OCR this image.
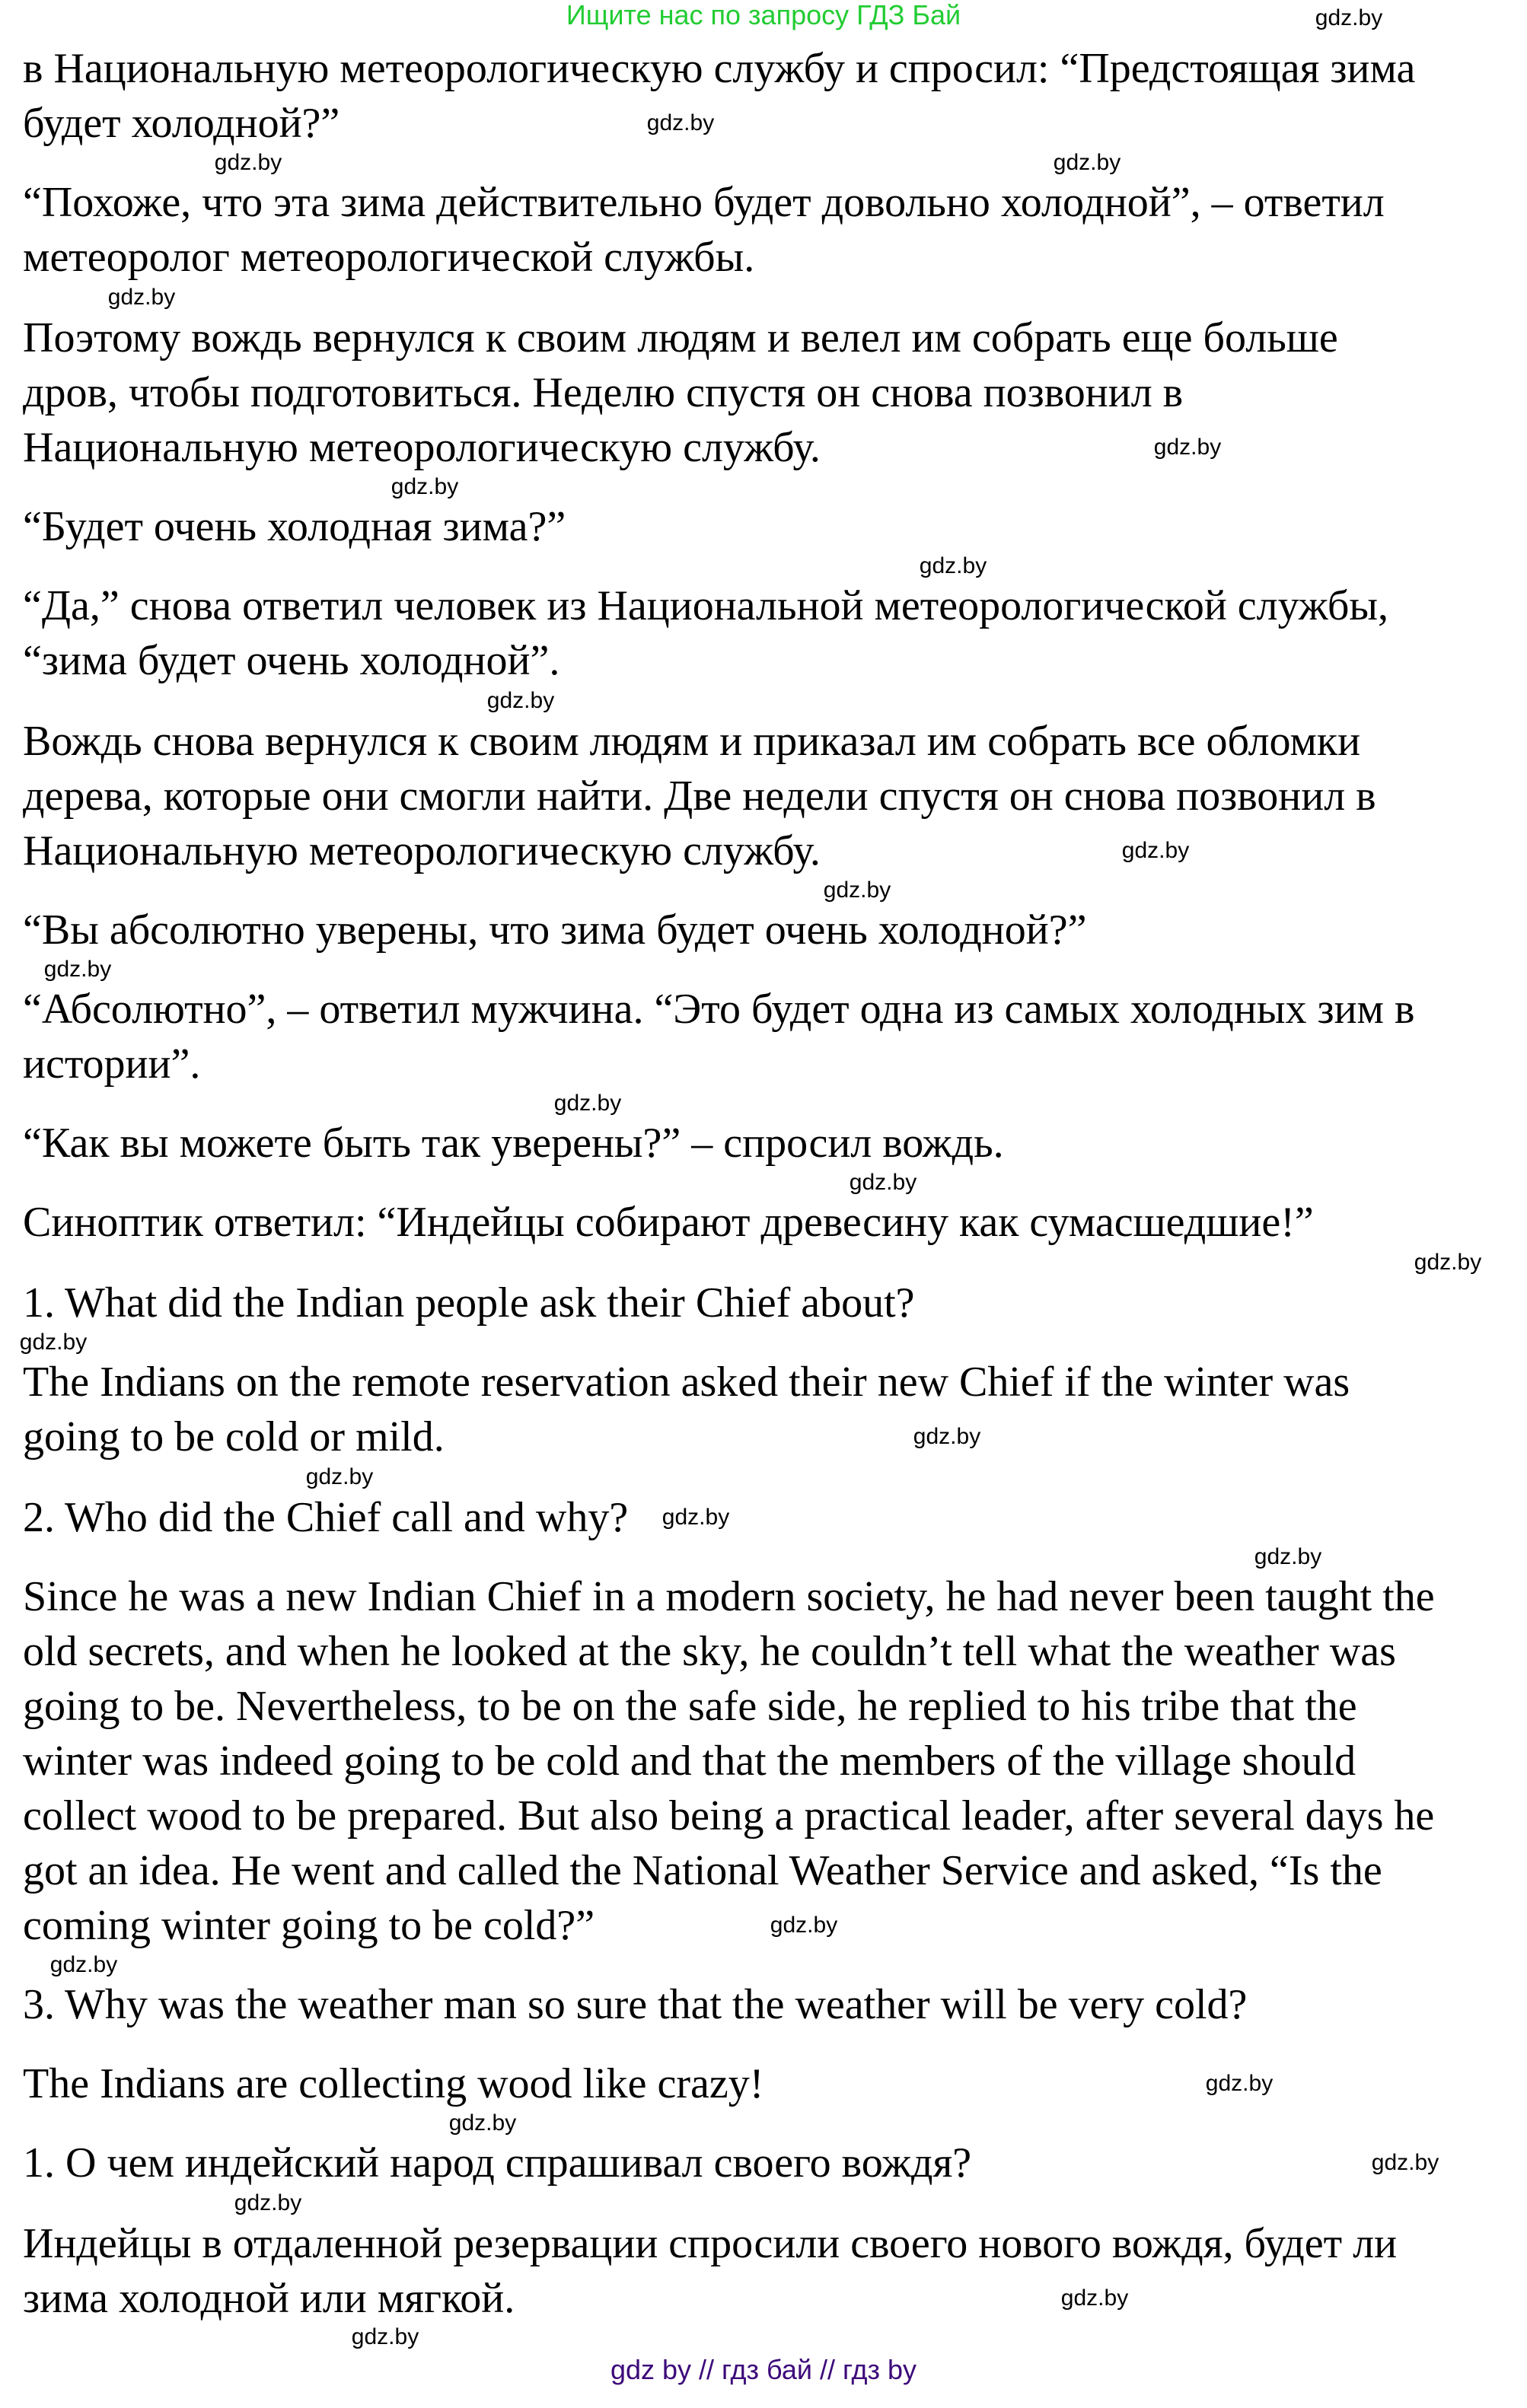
Ищите нас по запросу ГДЗ Бай
в Национальную метеорологическую службу и спросил: “Предстоящая зима
будет холодной?”
“Похоже, что эта зима действительно будет довольно холодной”, – ответил
метеоролог метеорологической службы.
Поэтому вождь вернулся к своим людям и велел им собрать еще больше
дров, чтобы подготовиться. Неделю спустя он снова позвонил в
Национальную метеорологическую службу.
“Будет очень холодная зима?”
“Да,” снова ответил человек из Национальной метеорологической службы,
“зима будет очень холодной”.
Вождь снова вернулся к своим людям и приказал им собрать все обломки
дерева, которые они смогли найти. Две недели спустя он снова позвонил в
Национальную метеорологическую службу.
“Вы абсолютно уверены, что зима будет очень холодной?”
“Абсолютно”, – ответил мужчина. “Это будет одна из самых холодных зим в
истории”.
“Как вы можете быть так уверены?” – спросил вождь.
Синоптик ответил: “Индейцы собирают древесину как сумасшедшие!”
1. What did the Indian people ask their Chief about?
The Indians on the remote reservation asked their new Chief if the winter was
going to be cold or mild.
2. Who did the Chief call and why?
Since he was a new Indian Chief in a modern society, he had never been taught the
old secrets, and when he looked at the sky, he couldn’t tell what the weather was
going to be. Nevertheless, to be on the safe side, he replied to his tribe that the
winter was indeed going to be cold and that the members of the village should
collect wood to be prepared. But also being a practical leader, after several days he
got an idea. He went and called the National Weather Service and asked, “Is the
coming winter going to be cold?”
3. Why was the weather man so sure that the weather will be very cold?
The Indians are collecting wood like crazy!
1. О чем индейский народ спрашивал своего вождя?
Индейцы в отдаленной резервации спросили своего нового вождя, будет ли
зима холодной или мягкой.
gdz.by
gdz.by
gdz.by
gdz.by
gdz.by
gdz.by
gdz.by
gdz.by
gdz.by
gdz.by
gdz.by
gdz.by
gdz.by
gdz.by
gdz.by
gdz.by
gdz.by
gdz.by
gdz.by
gdz.by
gdz.by
gdz.by
gdz.by
gdz.by
gdz.by
gdz.by
gdz.by
gdz.by
gdz by // гдз бай // гдз by
